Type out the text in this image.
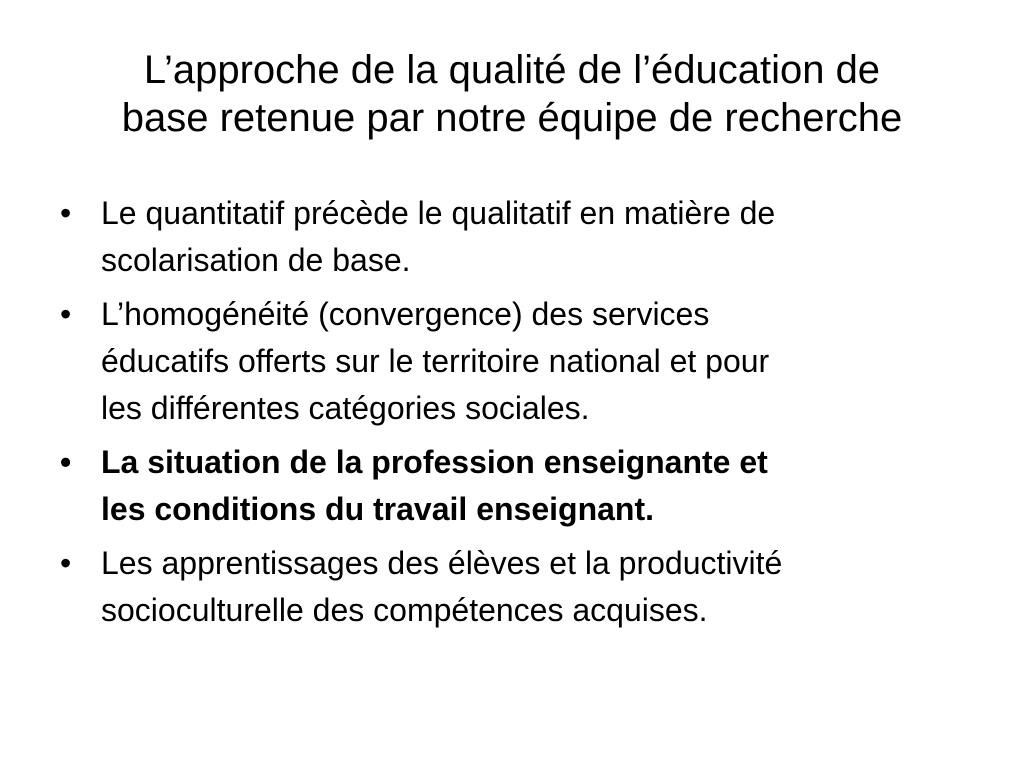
L’approche de la qualité de l’éducation de
base retenue par notre équipe de recherche
• Le quantitatif précède le qualitatif en matière de
scolarisation de base.
• L’homogénéité (convergence) des services
éducatifs offerts sur le territoire national et pour
les différentes catégories sociales.
• La situation de la profession enseignante et
les conditions du travail enseignant.
• Les apprentissages des élèves et la productivité
socioculturelle des compétences acquises.
